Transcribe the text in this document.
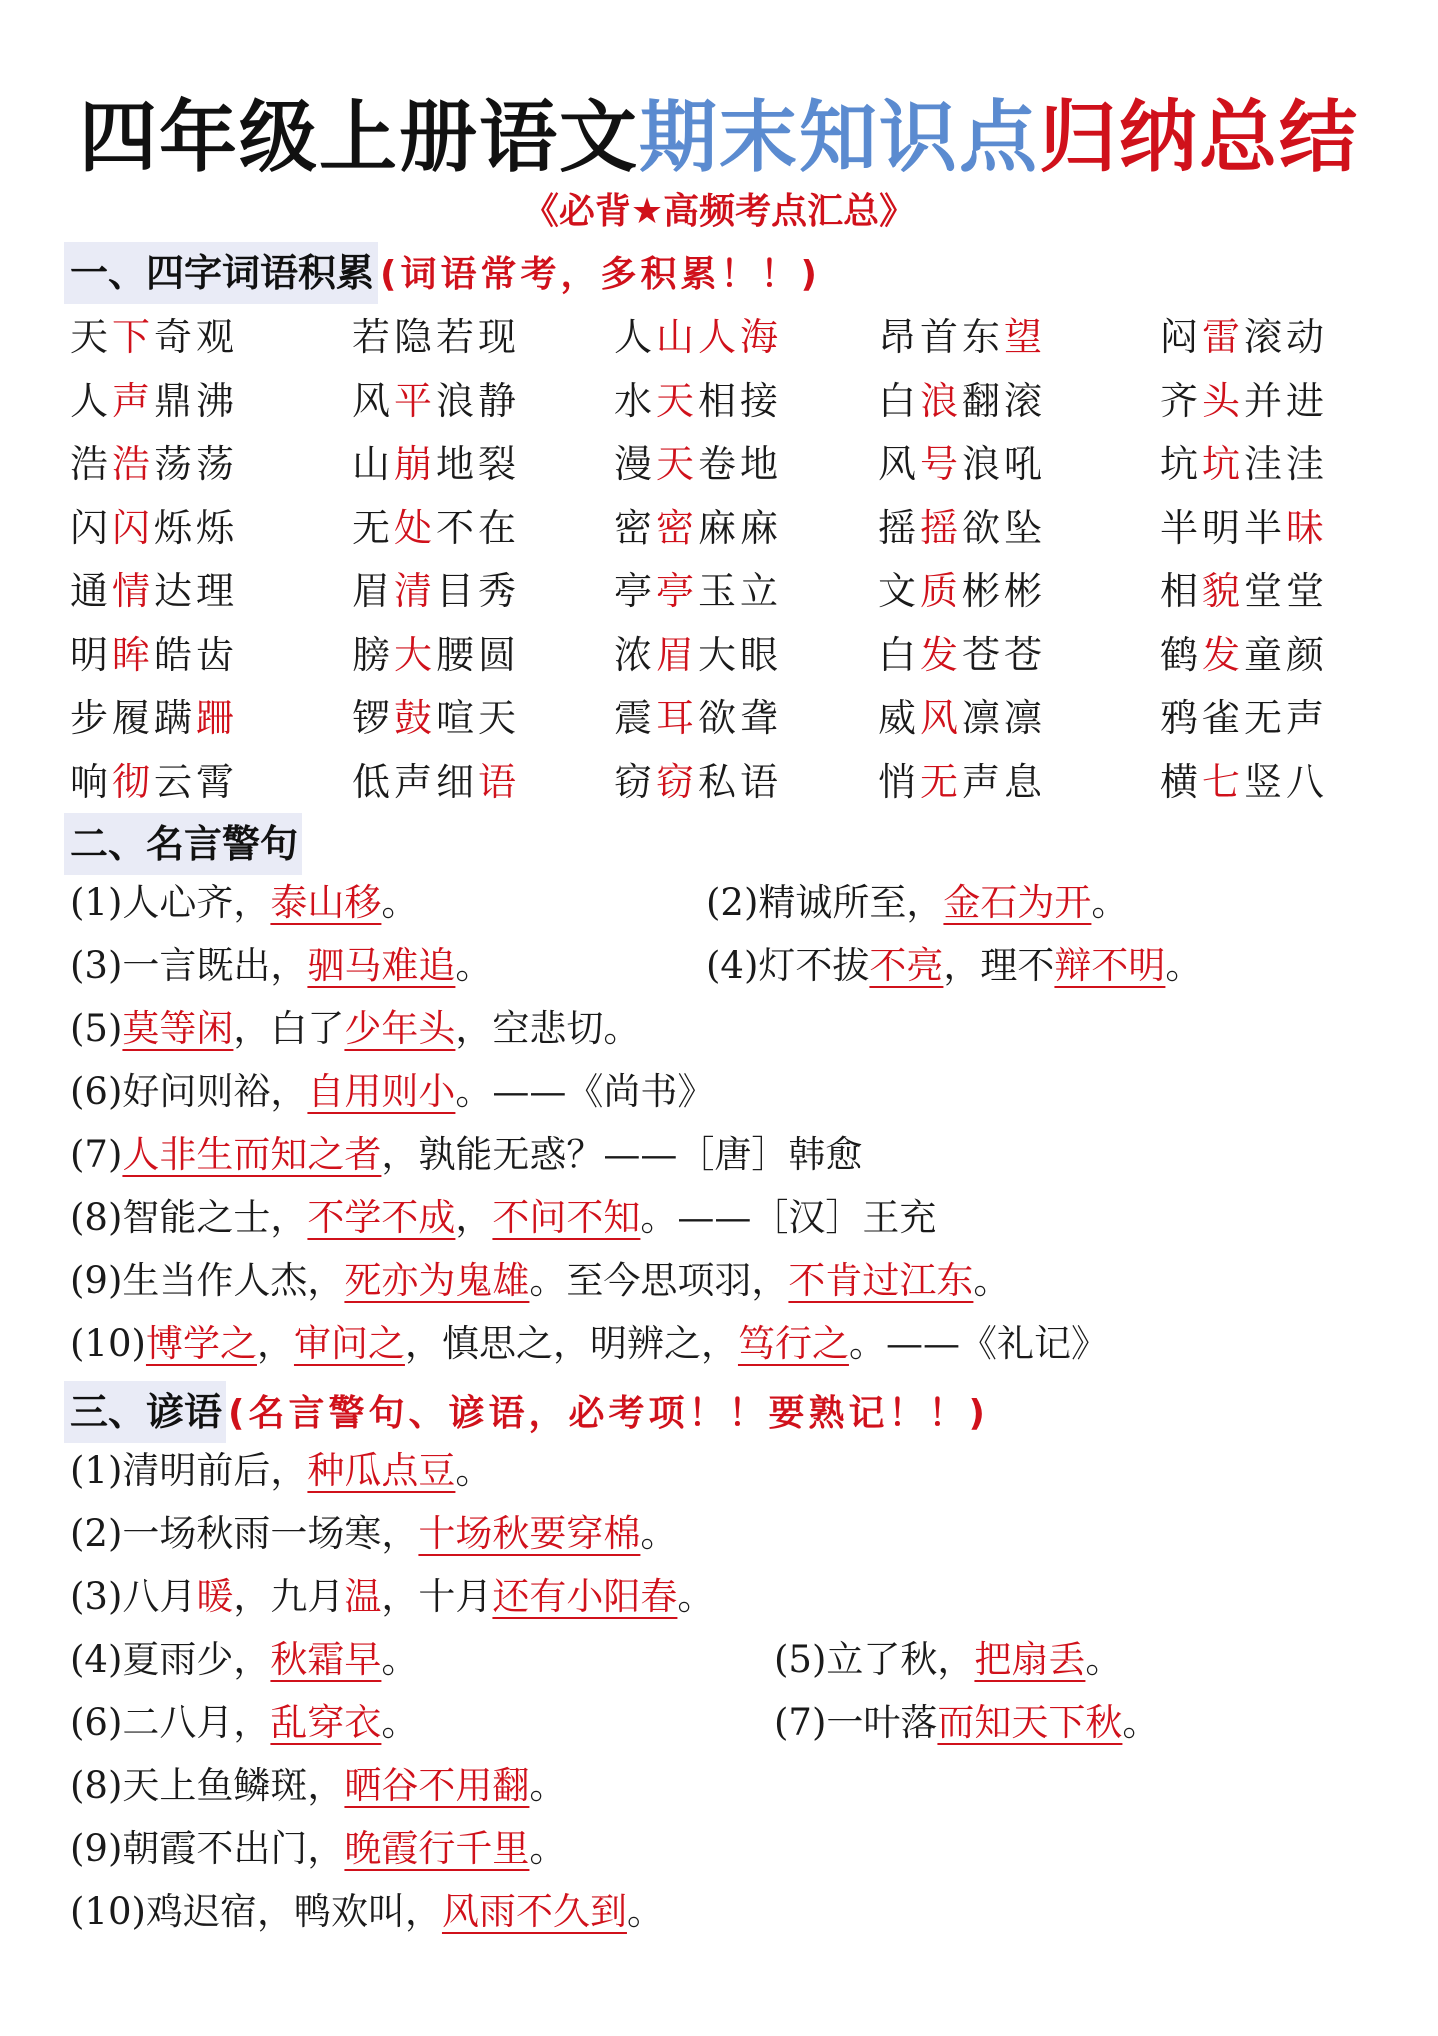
四年级上册语文期末知识点归纳总结
《必背★高频考点汇总》
一、四字词语积累 (词语常考，多积累！！)
天下奇观	若隐若现 人山人海	昂首东望	闷雷滚动
人声鼎沸	风平浪静 水天相接	白浪翻滚	齐头并进
浩浩荡荡	山崩地裂 漫天卷地	风号浪吼	坑坑洼洼
闪闪烁烁	无处不在 密密麻麻	摇摇欲坠	半明半昧
通情达理	眉清目秀 亭亭玉立	文质彬彬	相貌堂堂
明眸皓齿	膀大腰圆 浓眉大眼	白发苍苍	鹤发童颜
步履蹒跚	锣鼓喧天 震耳欲聋	威风凛凛	鸦雀无声
响彻云霄	低声细语 窃窃私语	悄无声息	横七竖八
二、名言警句
(1)人心齐，泰山移。	(2)精诚所至，金石为开。
(3)一言既出，驷马难追。	(4)灯不拔不亮，理不辩不明。
(5)莫等闲，白了少年头，空悲切。
(6)好问则裕，自用则小。——《尚书》
(7)人非生而知之者，孰能无惑？——［唐］韩愈
(8)智能之士，不学不成，不问不知。——［汉］王充
(9)生当作人杰，死亦为鬼雄。至今思项羽，不肯过江东。
(10)博学之，审问之，慎思之，明辨之，笃行之。——《礼记》
三、谚语 (名言警句、谚语，必考项！！要熟记！！)
(1)清明前后，种瓜点豆。
(2)一场秋雨一场寒，十场秋要穿棉。
(3)八月暖，九月温，十月还有小阳春。
(4)夏雨少，秋霜早。	(5)立了秋，把扇丢。
(6)二八月，乱穿衣。	(7)一叶落而知天下秋。
(8)天上鱼鳞斑，晒谷不用翻。
(9)朝霞不出门，晚霞行千里。
(10)鸡迟宿，鸭欢叫，风雨不久到。
